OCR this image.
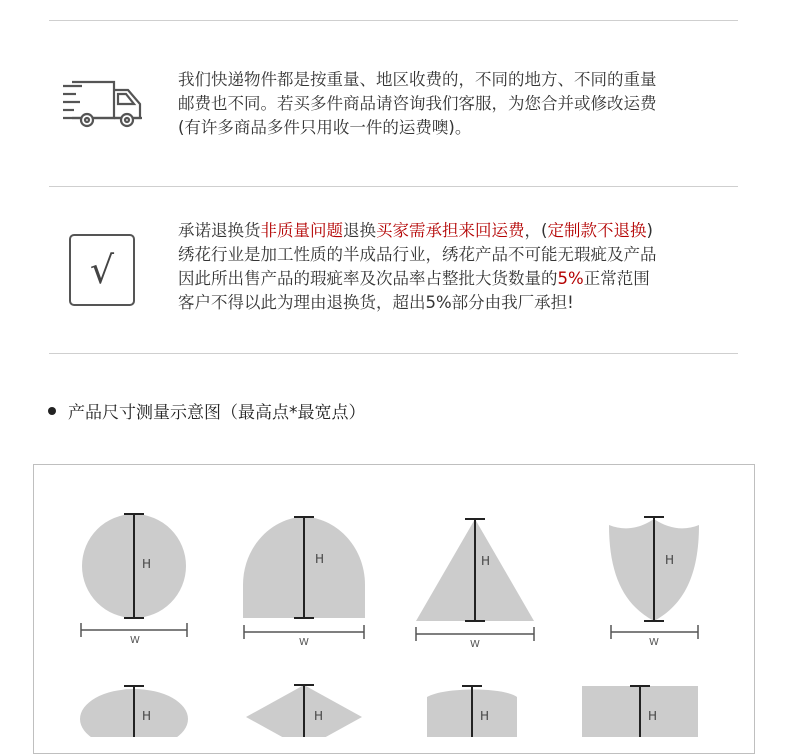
我们快递物件都是按重量、地区收费的，不同的地方、不同的重量
邮费也不同。若买多件商品请咨询我们客服，为您合并或修改运费
(有许多商品多件只用收一件的运费噢)。

√

承诺退换货非质量问题退换买家需承担来回运费，(定制款不退换)
绣花行业是加工性质的半成品行业，绣花产品不可能无瑕疵及产品
因此所出售产品的瑕疵率及次品率占整批大货数量的5%正常范围
客户不得以此为理由退换货，超出5%部分由我厂承担!

产品尺寸测量示意图（最高点*最宽点）
H
W
H
W
H
W
H
W
H	H	H	H
